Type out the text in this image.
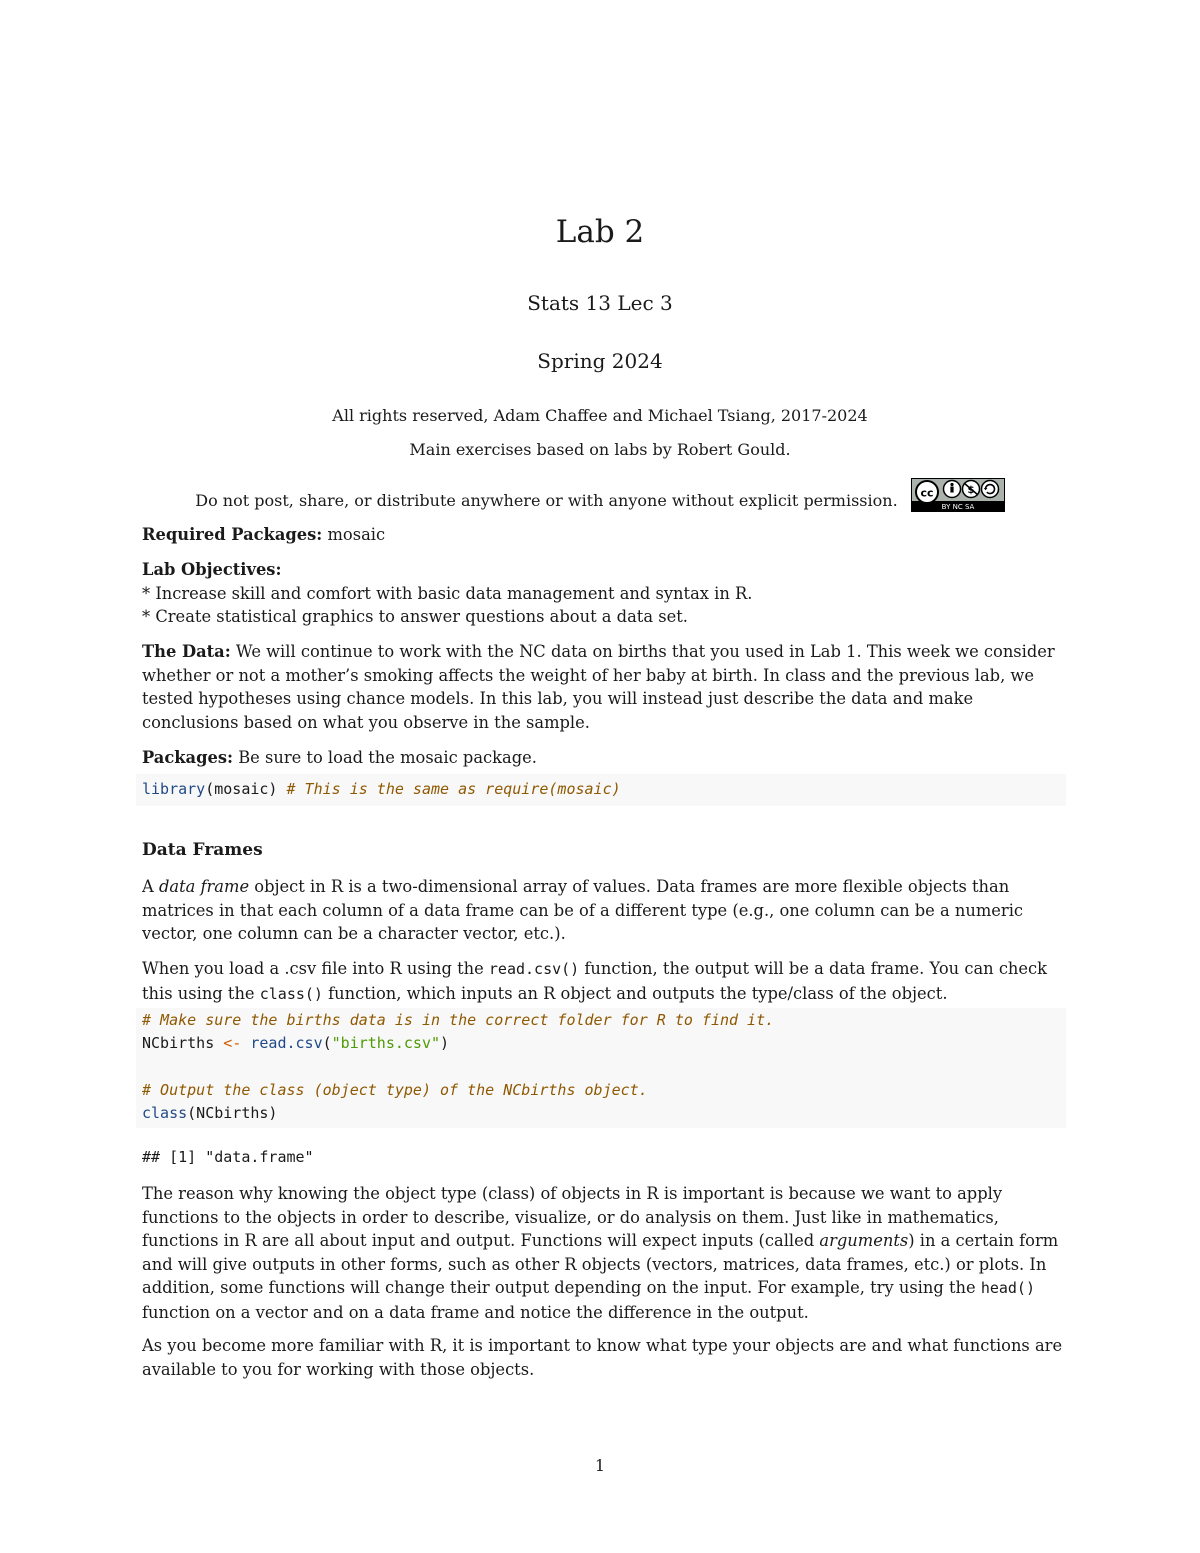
Lab 2
Stats 13 Lec 3
Spring 2024
All rights reserved, Adam Chaffee and Michael Tsiang, 2017-2024
Main exercises based on labs by Robert Gould.
Do not post, share, or distribute anywhere or with anyone without explicit permission. cc	$
BY NC SA

Required Packages: mosaic

Lab Objectives:

* Increase skill and comfort with basic data management and syntax in R.

* Create statistical graphics to answer questions about a data set.

The Data: We will continue to work with the NC data on births that you used in Lab 1. This week we consider whether or not a mother’s smoking affects the weight of her baby at birth. In class and the previous lab, we tested hypotheses using chance models. In this lab, you will instead just describe the data and make conclusions based on what you observe in the sample.

Packages: Be sure to load the mosaic package.

library(mosaic) # This is the same as require(mosaic)
Data Frames

A data frame object in R is a two-dimensional array of values. Data frames are more flexible objects than matrices in that each column of a data frame can be of a different type (e.g., one column can be a numeric vector, one column can be a character vector, etc.).

When you load a .csv file into R using the read.csv() function, the output will be a data frame. You can check this using the class() function, which inputs an R object and outputs the type/class of the object.

# Make sure the births data is in the correct folder for R to find it.
NCbirths <- read.csv("births.csv")

# Output the class (object type) of the NCbirths object.
class(NCbirths)
## [1] "data.frame"

The reason why knowing the object type (class) of objects in R is important is because we want to apply functions to the objects in order to describe, visualize, or do analysis on them. Just like in mathematics, functions in R are all about input and output. Functions will expect inputs (called arguments) in a certain form and will give outputs in other forms, such as other R objects (vectors, matrices, data frames, etc.) or plots. In addition, some functions will change their output depending on the input. For example, try using the head() function on a vector and on a data frame and notice the difference in the output.

As you become more familiar with R, it is important to know what type your objects are and what functions are available to you for working with those objects.
1
